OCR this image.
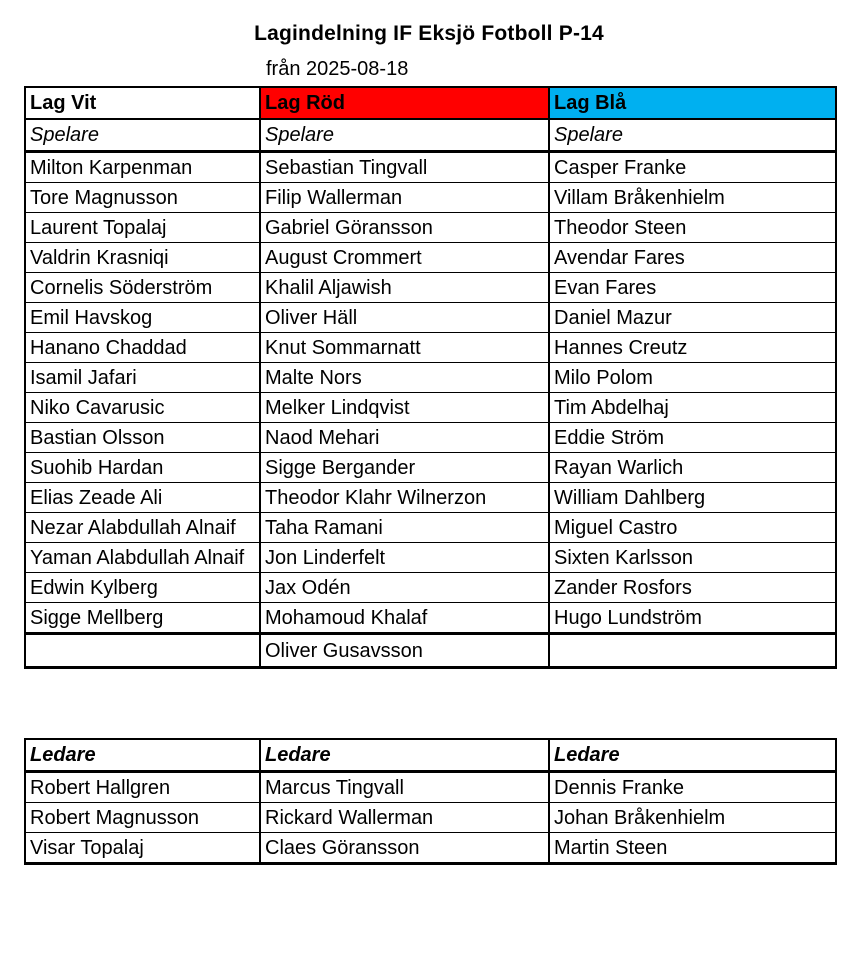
Lagindelning IF Eksjö Fotboll P-14
från 2025-08-18
Lag Vit	Lag Röd	Lag Blå
Spelare	Spelare	Spelare
Milton Karpenman	Sebastian Tingvall	Casper Franke
Tore Magnusson	Filip Wallerman	Villam Bråkenhielm
Laurent Topalaj	Gabriel Göransson	Theodor Steen
Valdrin Krasniqi	August Crommert	Avendar Fares
Cornelis Söderström	Khalil Aljawish	Evan Fares
Emil Havskog	Oliver Häll	Daniel Mazur
Hanano Chaddad	Knut Sommarnatt	Hannes Creutz
Isamil Jafari	Malte Nors	Milo Polom
Niko Cavarusic	Melker Lindqvist	Tim Abdelhaj
Bastian Olsson	Naod Mehari	Eddie Ström
Suohib Hardan	Sigge Bergander	Rayan Warlich
Elias Zeade Ali	Theodor Klahr Wilnerzon	William Dahlberg
Nezar Alabdullah Alnaif	Taha Ramani	Miguel Castro
Yaman Alabdullah Alnaif	Jon Linderfelt	Sixten Karlsson
Edwin Kylberg	Jax Odén	Zander Rosfors
Sigge Mellberg	Mohamoud Khalaf	Hugo Lundström
	Oliver Gusavsson	
Ledare	Ledare	Ledare
Robert Hallgren	Marcus Tingvall	Dennis Franke
Robert Magnusson	Rickard Wallerman	Johan Bråkenhielm
Visar Topalaj	Claes Göransson	Martin Steen
